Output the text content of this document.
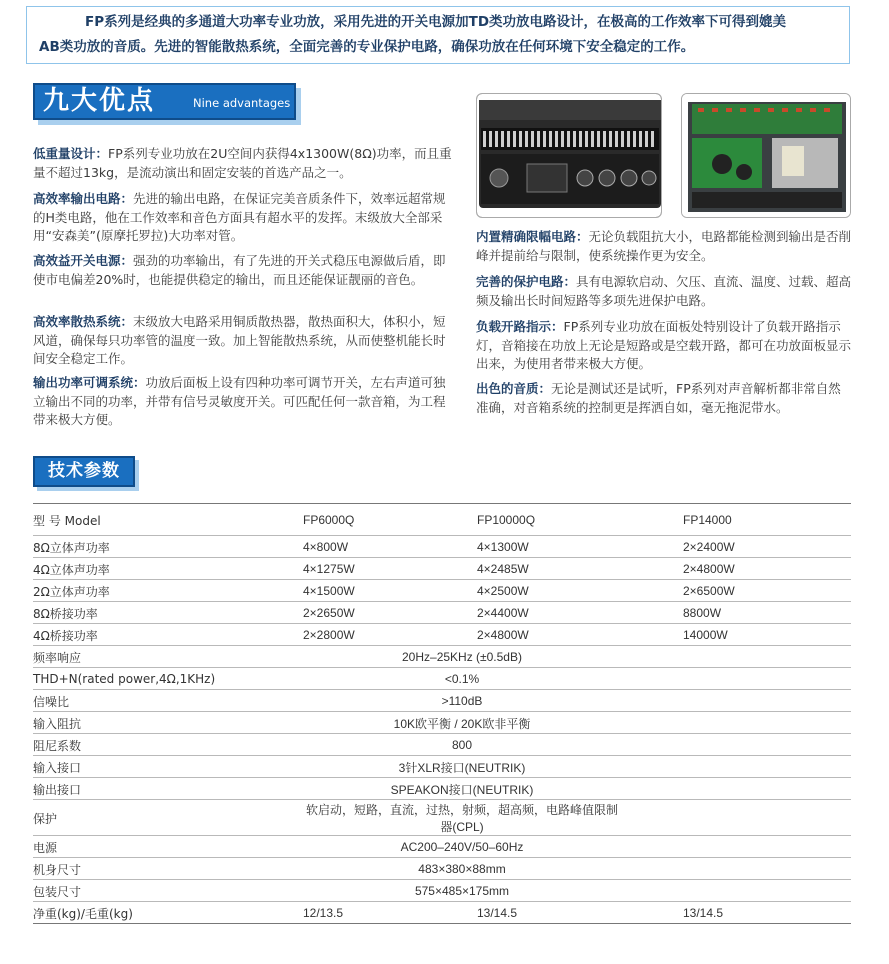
FP系列是经典的多通道大功率专业功放，采用先进的开关电源加TD类功放电路设计，在极高的工作效率下可得到媲美

AB类功放的音质。先进的智能散热系统，全面完善的专业保护电路，确保功放在任何环境下安全稳定的工作。

九大优点	Nine advantages

低重量设计：FP系列专业功放在2U空间内获得4x1300W(8Ω)功率，而且重量不超过13kg，是流动演出和固定安装的首选产品之一。

高效率输出电路：先进的输出电路，在保证完美音质条件下，效率远超常规的H类电路，他在工作效率和音色方面具有超水平的发挥。末级放大全部采用“安森美”(原摩托罗拉)大功率对管。

高效益开关电源：强劲的功率输出，有了先进的开关式稳压电源做后盾，即使市电偏差20%时，也能提供稳定的输出，而且还能保证靓丽的音色。

高效率散热系统：末级放大电路采用铜质散热器，散热面积大，体积小，短风道，确保每只功率管的温度一致。加上智能散热系统，从而使整机能长时间安全稳定工作。

输出功率可调系统：功放后面板上设有四种功率可调节开关，左右声道可独立输出不同的功率，并带有信号灵敏度开关。可匹配任何一款音箱，为工程带来极大方便。

内置精确限幅电路：无论负载阻抗大小，电路都能检测到输出是否削峰并提前给与限制，使系统操作更为安全。

完善的保护电路：具有电源软启动、欠压、直流、温度、过载、超高频及输出长时间短路等多项先进保护电路。

负载开路指示：FP系列专业功放在面板处特别设计了负载开路指示灯，音箱接在功放上无论是短路或是空载开路，都可在功放面板显示出来，为使用者带来极大方便。

出色的音质：无论是测试还是试听，FP系列对声音解析都非常自然准确，对音箱系统的控制更是挥洒自如，毫无拖泥带水。

技术参数
型 号 Model	FP6000Q	FP10000Q	FP14000
8Ω立体声功率	4×800W	4×1300W	2×2400W
4Ω立体声功率	4×1275W	4×2485W	2×4800W
2Ω立体声功率	4×1500W	4×2500W	2×6500W
8Ω桥接功率	2×2650W	2×4400W	8800W
4Ω桥接功率	2×2800W	2×4800W	14000W
频率响应	20Hz–25KHz (±0.5dB)		
THD+N(rated power,4Ω,1KHz)	<0.1%		
信噪比	>110dB		
输入阻抗	10K欧平衡 / 20K欧非平衡		
阻尼系数	800		
输入接口	3针XLR接口(NEUTRIK)		
输出接口	SPEAKON接口(NEUTRIK)		
保护	软启动，短路，直流，过热，射频，超高频，电路峰值限制器(CPL)		
电源	AC200–240V/50–60Hz		
机身尺寸	483×380×88mm		
包装尺寸	575×485×175mm		
净重(kg)/毛重(kg)	12/13.5	13/14.5	13/14.5
